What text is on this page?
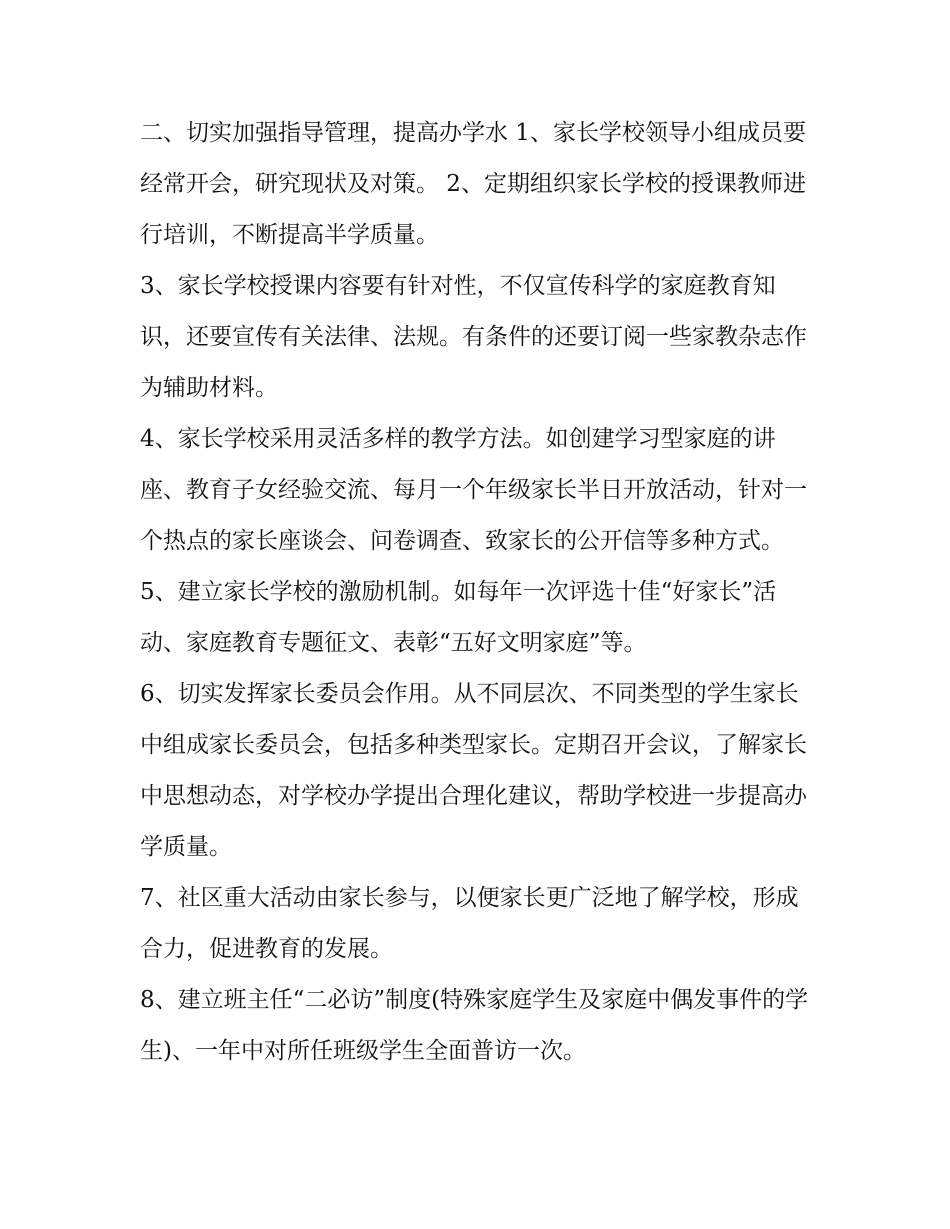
二、切实加强指导管理，提高办学水 1、家长学校领导小组成员要经常开会，研究现状及对策。 2、定期组织家长学校的授课教师进行培训，不断提高半学质量。

3、家长学校授课内容要有针对性，不仅宣传科学的家庭教育知识，还要宣传有关法律、法规。有条件的还要订阅一些家教杂志作为辅助材料。

4、家长学校采用灵活多样的教学方法。如创建学习型家庭的讲座、教育子女经验交流、每月一个年级家长半日开放活动，针对一个热点的家长座谈会、问卷调查、致家长的公开信等多种方式。

5、建立家长学校的激励机制。如每年一次评选十佳“好家长”活动、家庭教育专题征文、表彰“五好文明家庭”等。

6、切实发挥家长委员会作用。从不同层次、不同类型的学生家长中组成家长委员会，包括多种类型家长。定期召开会议，了解家长中思想动态，对学校办学提出合理化建议，帮助学校进一步提高办学质量。

7、社区重大活动由家长参与，以便家长更广泛地了解学校，形成合力，促进教育的发展。

8、建立班主任“二必访”制度(特殊家庭学生及家庭中偶发事件的学生)、一年中对所任班级学生全面普访一次。
